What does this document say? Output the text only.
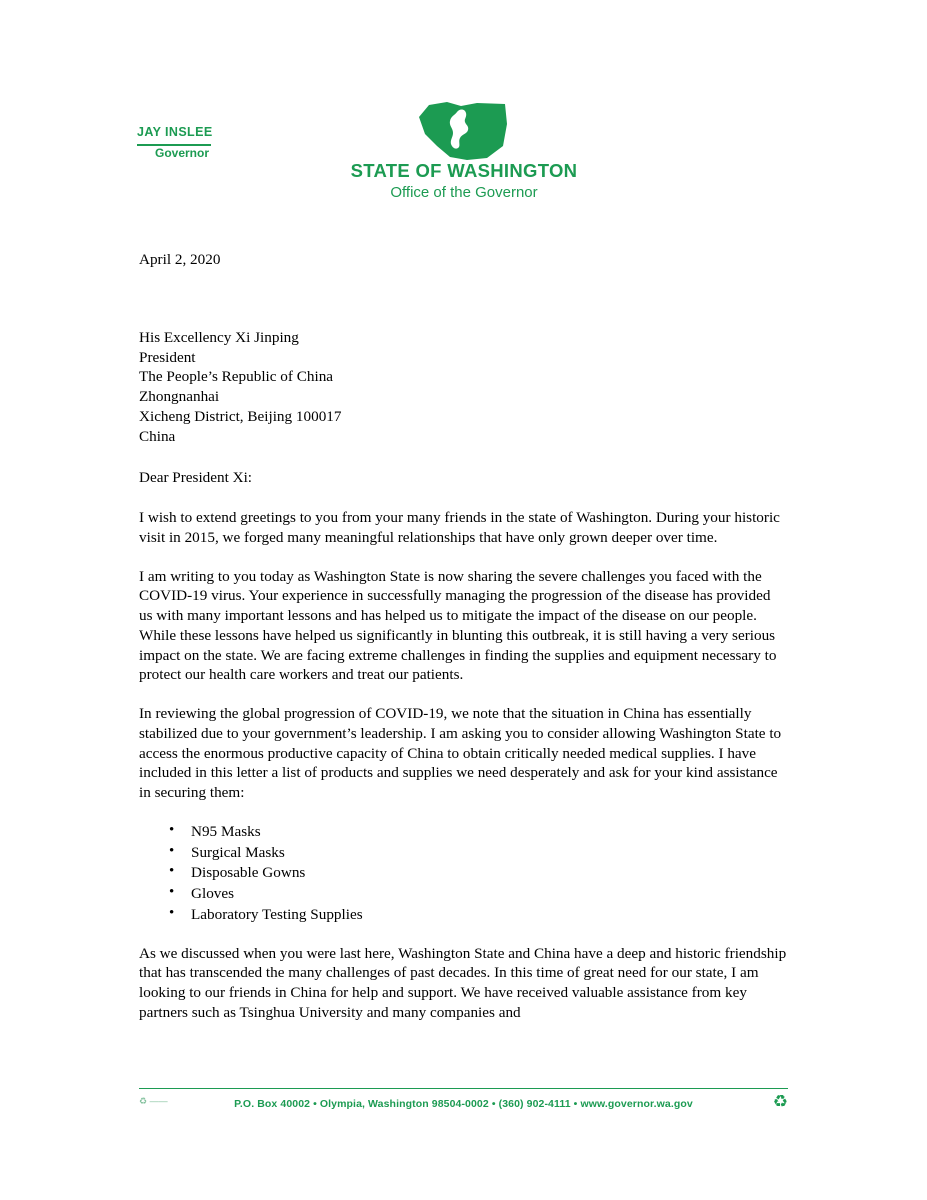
JAY INSLEE
Governor
STATE OF WASHINGTON
Office of the Governor
April 2, 2020
His Excellency Xi Jinping
President
The People’s Republic of China
Zhongnanhai
Xicheng District, Beijing 100017
China
Dear President Xi:

I wish to extend greetings to you from your many friends in the state of Washington. During your historic visit in 2015, we forged many meaningful relationships that have only grown deeper over time.

I am writing to you today as Washington State is now sharing the severe challenges you faced with the COVID-19 virus. Your experience in successfully managing the progression of the disease has provided us with many important lessons and has helped us to mitigate the impact of the disease on our people. While these lessons have helped us significantly in blunting this outbreak, it is still having a very serious impact on the state. We are facing extreme challenges in finding the supplies and equipment necessary to protect our health care workers and treat our patients.

In reviewing the global progression of COVID-19, we note that the situation in China has essentially stabilized due to your government’s leadership. I am asking you to consider allowing Washington State to access the enormous productive capacity of China to obtain critically needed medical supplies. I have included in this letter a list of products and supplies we need desperately and ask for your kind assistance in securing them:

• N95 Masks
• Surgical Masks
• Disposable Gowns
• Gloves
• Laboratory Testing Supplies

As we discussed when you were last here, Washington State and China have a deep and historic friendship that has transcended the many challenges of past decades. In this time of great need for our state, I am looking to our friends in China for help and support. We have received valuable assistance from key partners such as Tsinghua University and many companies and

♻ ——	P.O. Box 40002 • Olympia, Washington 98504-0002 • (360) 902-4111 • www.governor.wa.gov	♻
